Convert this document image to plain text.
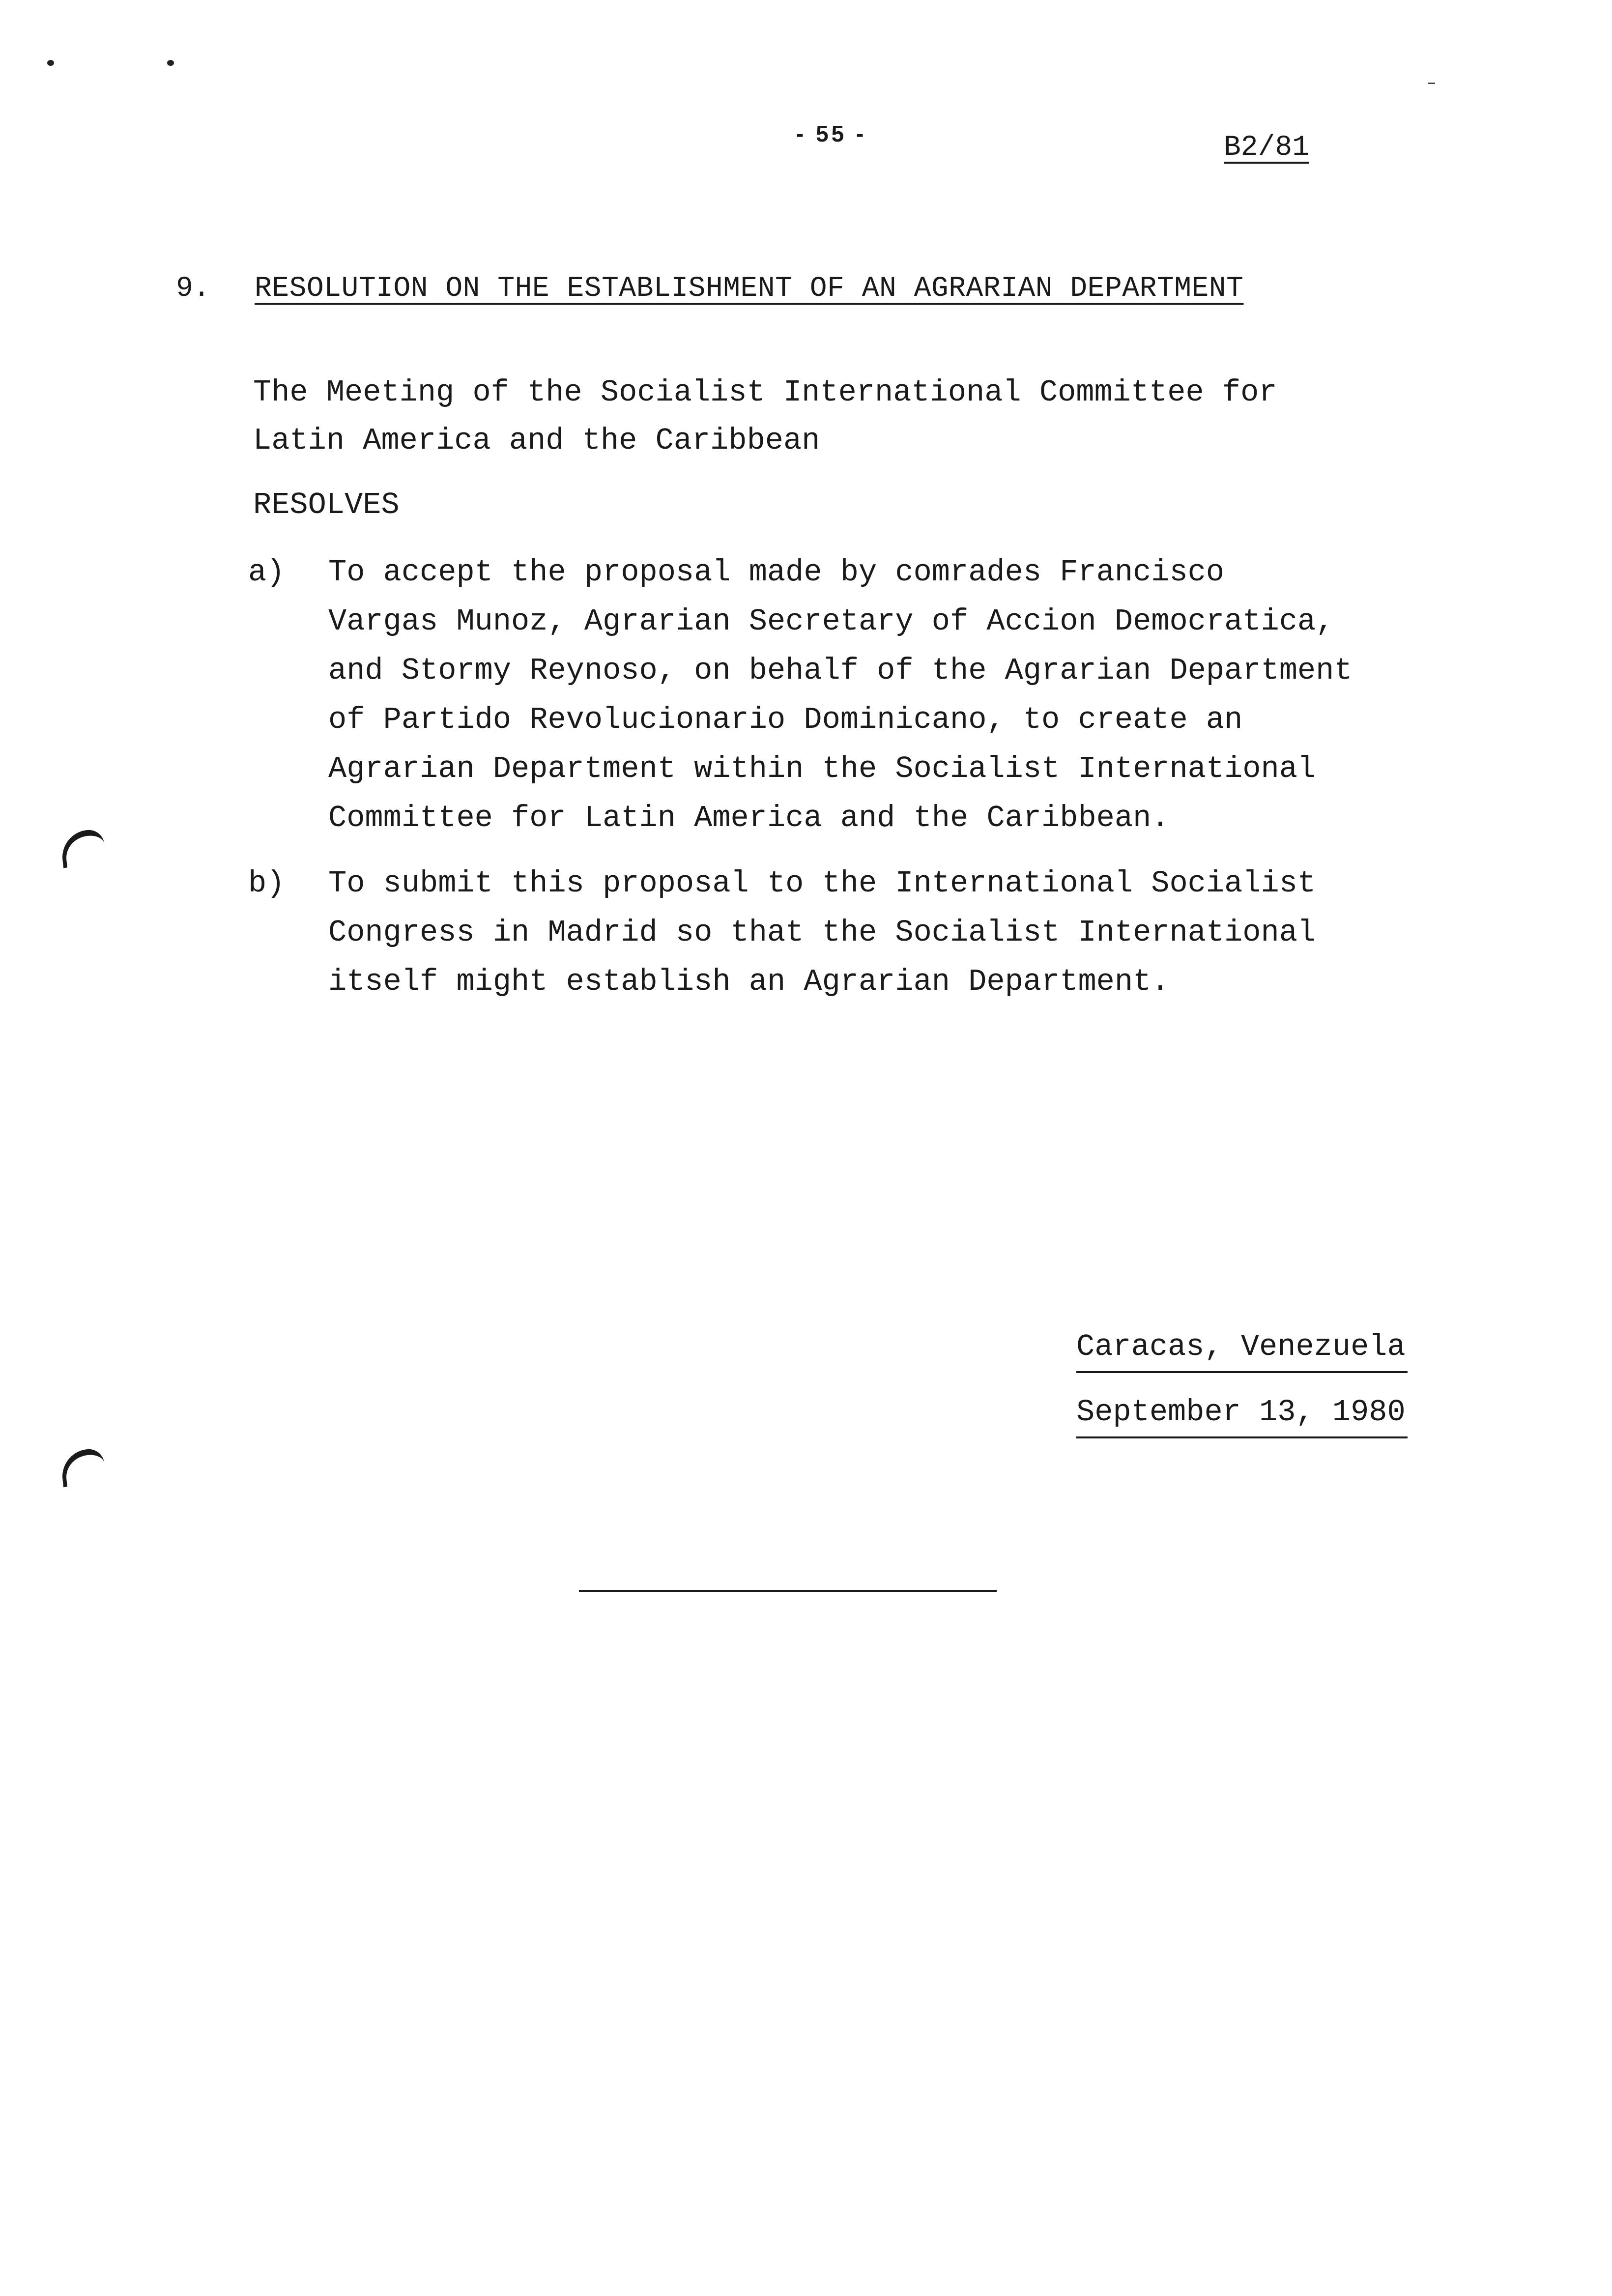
- 55 -	B2/81
9. RESOLUTION ON THE ESTABLISHMENT OF AN AGRARIAN DEPARTMENT
The Meeting of the Socialist International Committee for
Latin America and the Caribbean
RESOLVES
a) To accept the proposal made by comrades Francisco
Vargas Munoz, Agrarian Secretary of Accion Democratica,
and Stormy Reynoso, on behalf of the Agrarian Department
of Partido Revolucionario Dominicano, to create an
Agrarian Department within the Socialist International
Committee for Latin America and the Caribbean.
b) To submit this proposal to the International Socialist
Congress in Madrid so that the Socialist International
itself might establish an Agrarian Department.
Caracas, Venezuela
September 13, 1980
